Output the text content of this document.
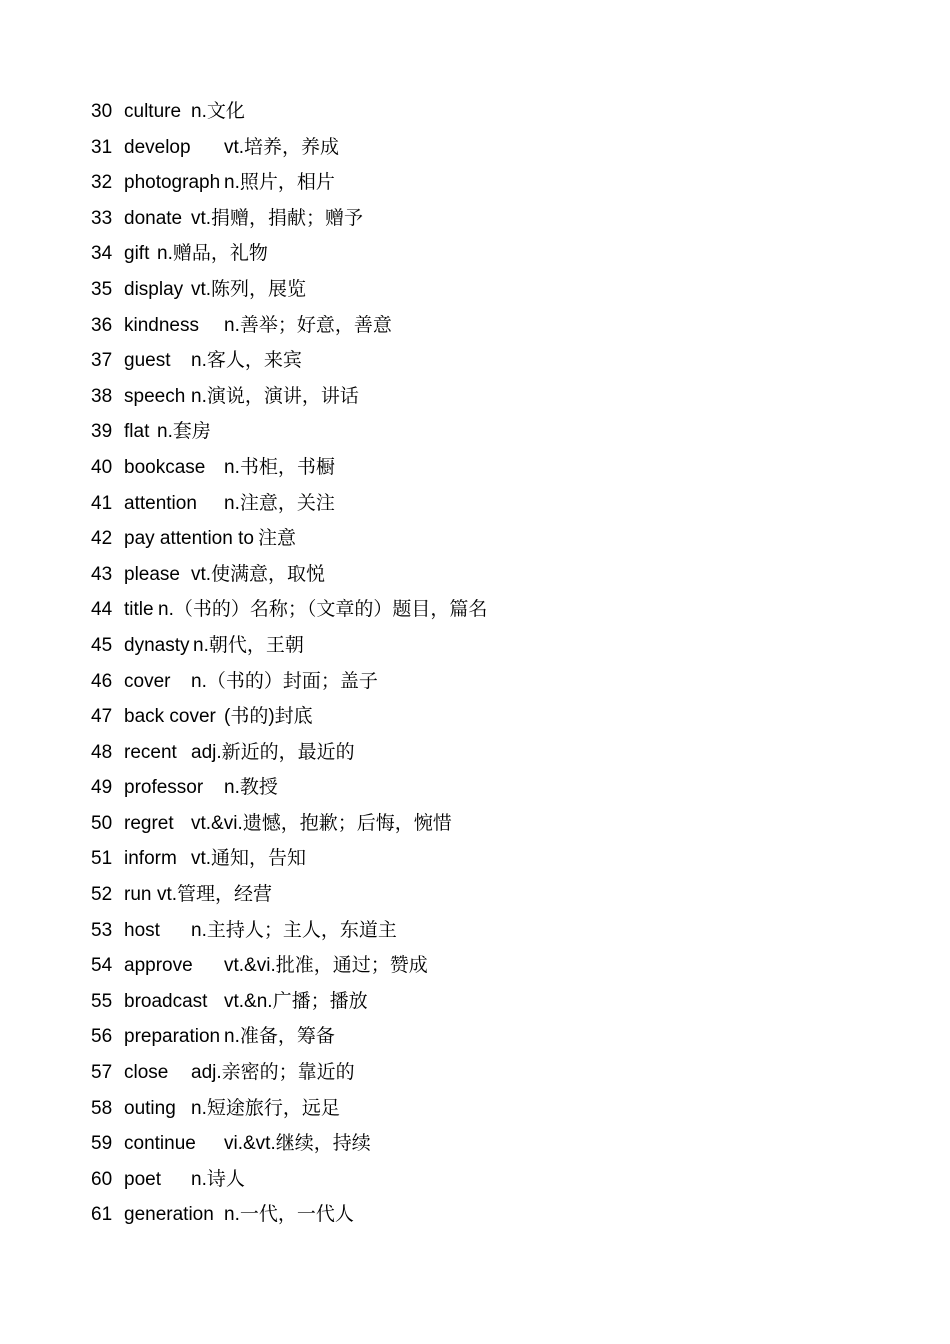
30 culture n.文化
31 develop vt.培养，养成
32 photograph n.照片，相片
33 donate vt.捐赠，捐献；赠予
34 gift n.赠品，礼物
35 display vt.陈列，展览
36 kindness n.善举；好意，善意
37 guest n.客人，来宾
38 speech n.演说，演讲，讲话
39 flat n.套房
40 bookcase n.书柜，书橱
41 attention n.注意，关注
42 pay attention to 注意
43 please vt.使满意，取悦
44 title n.（书的）名称；（文章的）题目，篇名
45 dynasty n.朝代，王朝
46 cover n.（书的）封面；盖子
47 back cover (书的)封底
48 recent adj.新近的，最近的
49 professor n.教授
50 regret vt.&vi.遗憾，抱歉；后悔，惋惜
51 inform vt.通知，告知
52 run vt.管理，经营
53 host n.主持人；主人，东道主
54 approve vt.&vi.批准，通过；赞成
55 broadcast vt.&n.广播；播放
56 preparation n.准备，筹备
57 close adj.亲密的；靠近的
58 outing n.短途旅行，远足
59 continue vi.&vt.继续，持续
60 poet n.诗人
61 generation n.一代，一代人
